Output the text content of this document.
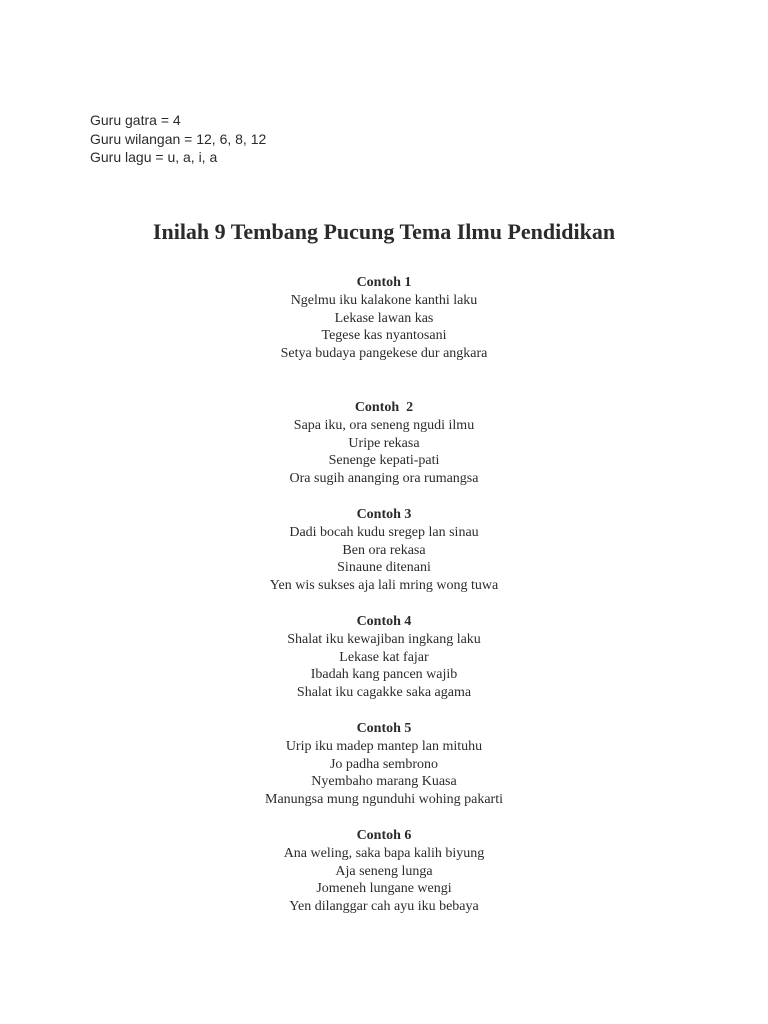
Guru gatra = 4
Guru wilangan = 12, 6, 8, 12
Guru lagu = u, a, i, a
Inilah 9 Tembang Pucung Tema Ilmu Pendidikan
Contoh 1
Ngelmu iku kalakone kanthi laku
Lekase lawan kas
Tegese kas nyantosani
Setya budaya pangekese dur angkara
Contoh  2
Sapa iku, ora seneng ngudi ilmu
Uripe rekasa
Senenge kepati-pati
Ora sugih ananging ora rumangsa
Contoh 3
Dadi bocah kudu sregep lan sinau
Ben ora rekasa
Sinaune ditenani
Yen wis sukses aja lali mring wong tuwa
Contoh 4
Shalat iku kewajiban ingkang laku
Lekase kat fajar
Ibadah kang pancen wajib
Shalat iku cagakke saka agama
Contoh 5
Urip iku madep mantep lan mituhu
Jo padha sembrono
Nyembaho marang Kuasa
Manungsa mung ngunduhi wohing pakarti
Contoh 6
Ana weling, saka bapa kalih biyung
Aja seneng lunga
Jomeneh lungane wengi
Yen dilanggar cah ayu iku bebaya
